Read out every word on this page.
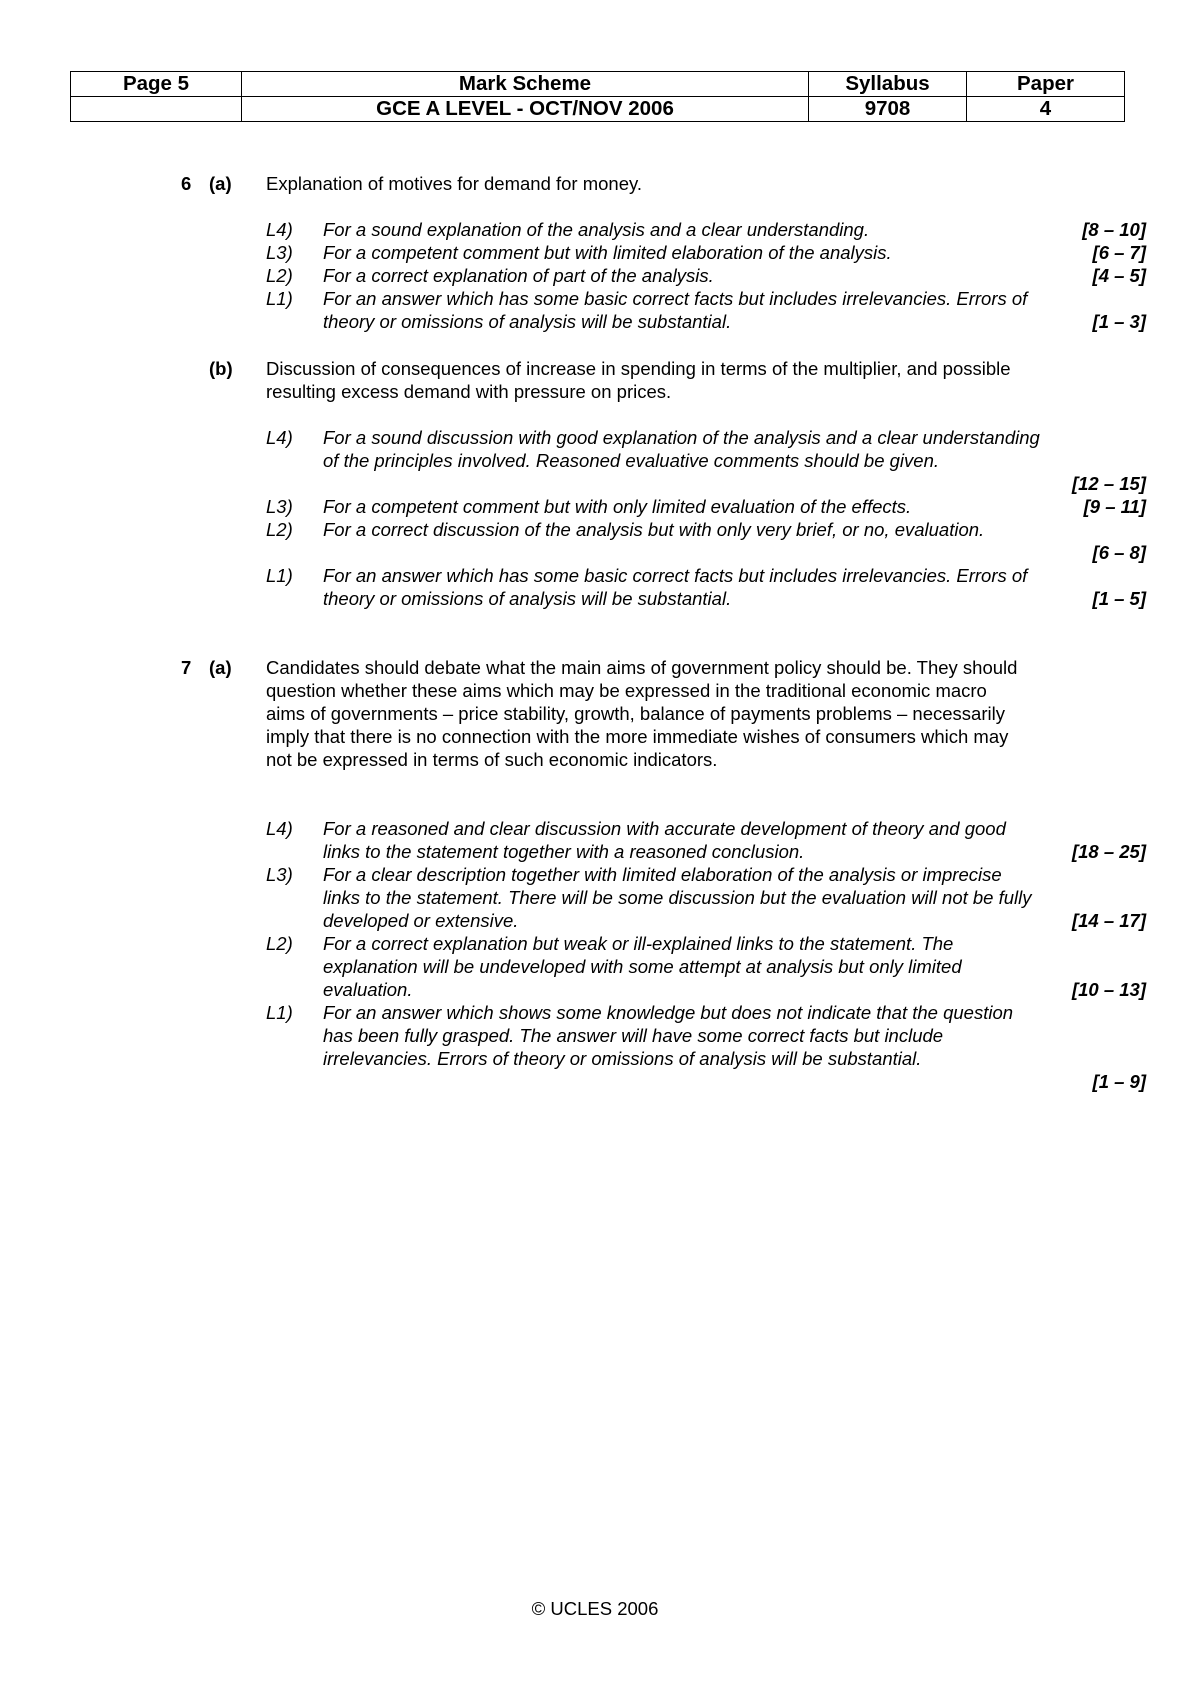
Page 5	Mark Scheme	Syllabus	Paper
	GCE A LEVEL - OCT/NOV 2006	9708	4
6 (a) Explanation of motives for demand for money.
L4) For a sound explanation of the analysis and a clear understanding.	[8 – 10]
L3) For a competent comment but with limited elaboration of the analysis.	[6 – 7]
L2) For a correct explanation of part of the analysis.	[4 – 5]
L1) For an answer which has some basic correct facts but includes irrelevancies. Errors of theory or omissions of analysis will be substantial.	[1 – 3]
(b) Discussion of consequences of increase in spending in terms of the multiplier, and possible resulting excess demand with pressure on prices.
L4) For a sound discussion with good explanation of the analysis and a clear understanding of the principles involved. Reasoned evaluative comments should be given.
[12 – 15]
L3) For a competent comment but with only limited evaluation of the effects.	[9 – 11]
L2) For a correct discussion of the analysis but with only very brief, or no, evaluation.
[6 – 8]
L1) For an answer which has some basic correct facts but includes irrelevancies. Errors of theory or omissions of analysis will be substantial.	[1 – 5]
7 (a) Candidates should debate what the main aims of government policy should be. They should question whether these aims which may be expressed in the traditional economic macro aims of governments – price stability, growth, balance of payments problems – necessarily imply that there is no connection with the more immediate wishes of consumers which may not be expressed in terms of such economic indicators.
L4) For a reasoned and clear discussion with accurate development of theory and good links to the statement together with a reasoned conclusion.	[18 – 25]
L3) For a clear description together with limited elaboration of the analysis or imprecise links to the statement. There will be some discussion but the evaluation will not be fully developed or extensive.	[14 – 17]
L2) For a correct explanation but weak or ill-explained links to the statement. The explanation will be undeveloped with some attempt at analysis but only limited evaluation.	[10 – 13]
L1) For an answer which shows some knowledge but does not indicate that the question has been fully grasped. The answer will have some correct facts but include irrelevancies. Errors of theory or omissions of analysis will be substantial.
[1 – 9]
© UCLES 2006
